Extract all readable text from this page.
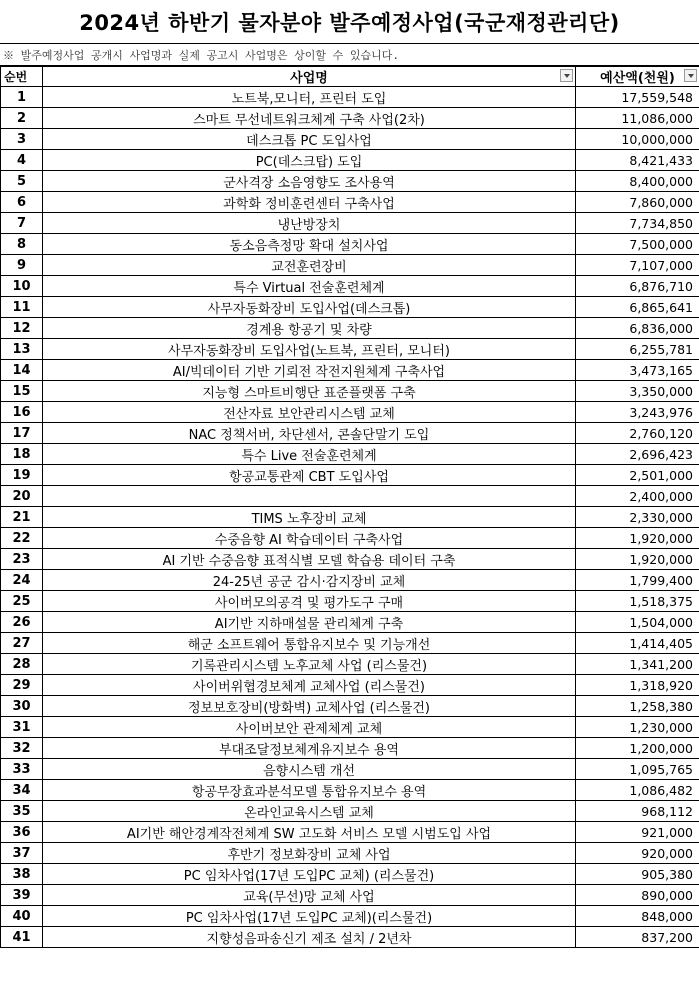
2024년 하반기 물자분야 발주예정사업(국군재정관리단)
※ 발주예정사업 공개시 사업명과 실제 공고시 사업명은 상이할 수 있습니다.
순번	사업명	예산액(천원)

1	노트북,모니터, 프린터 도입	17,559,548
2	스마트 무선네트워크체계 구축 사업(2차)	11,086,000
3	데스크톱 PC 도입사업	10,000,000
4	PC(데스크탑) 도입	8,421,433
5	군사격장 소음영향도 조사용역	8,400,000
6	과학화 정비훈련센터 구축사업	7,860,000
7	냉난방장치	7,734,850
8	동소음측정망 확대 설치사업	7,500,000
9	교전훈련장비	7,107,000
10	특수 Virtual 전술훈련체계	6,876,710
11	사무자동화장비 도입사업(데스크톱)	6,865,641
12	경계용 항공기 및 차량	6,836,000
13	사무자동화장비 도입사업(노트북, 프린터, 모니터)	6,255,781
14	AI/빅데이터 기반 기뢰전 작전지원체계 구축사업	3,473,165
15	지능형 스마트비행단 표준플랫폼 구축	3,350,000
16	전산자료 보안관리시스템 교체	3,243,976
17	NAC 정책서버, 차단센서, 콘솔단말기 도입	2,760,120
18	특수 Live 전술훈련체계	2,696,423
19	항공교통관제 CBT 도입사업	2,501,000
20		2,400,000
21	TIMS 노후장비 교체	2,330,000
22	수중음향 AI 학습데이터 구축사업	1,920,000
23	AI 기반 수중음향 표적식별 모델 학습용 데이터 구축	1,920,000
24	24-25년 공군 감시·감지장비 교체	1,799,400
25	사이버모의공격 및 평가도구 구매	1,518,375
26	AI기반 지하매설물 관리체계 구축	1,504,000
27	해군 소프트웨어 통합유지보수 및 기능개선	1,414,405
28	기록관리시스템 노후교체 사업 (리스물건)	1,341,200
29	사이버위협경보체계 교체사업 (리스물건)	1,318,920
30	정보보호장비(방화벽) 교체사업 (리스물건)	1,258,380
31	사이버보안 관제체계 교체	1,230,000
32	부대조달정보체계유지보수 용역	1,200,000
33	음향시스템 개선	1,095,765
34	항공무장효과분석모델 통합유지보수 용역	1,086,482
35	온라인교육시스템 교체	968,112
36	AI기반 해안경계작전체계 SW 고도화 서비스 모델 시범도입 사업	921,000
37	후반기 정보화장비 교체 사업	920,000
38	PC 임차사업(17년 도입PC 교체) (리스물건)	905,380
39	교육(무선)망 교체 사업	890,000
40	PC 임차사업(17년 도입PC 교체)(리스물건)	848,000
41	지향성음파송신기 제조 설치 / 2년차	837,200
